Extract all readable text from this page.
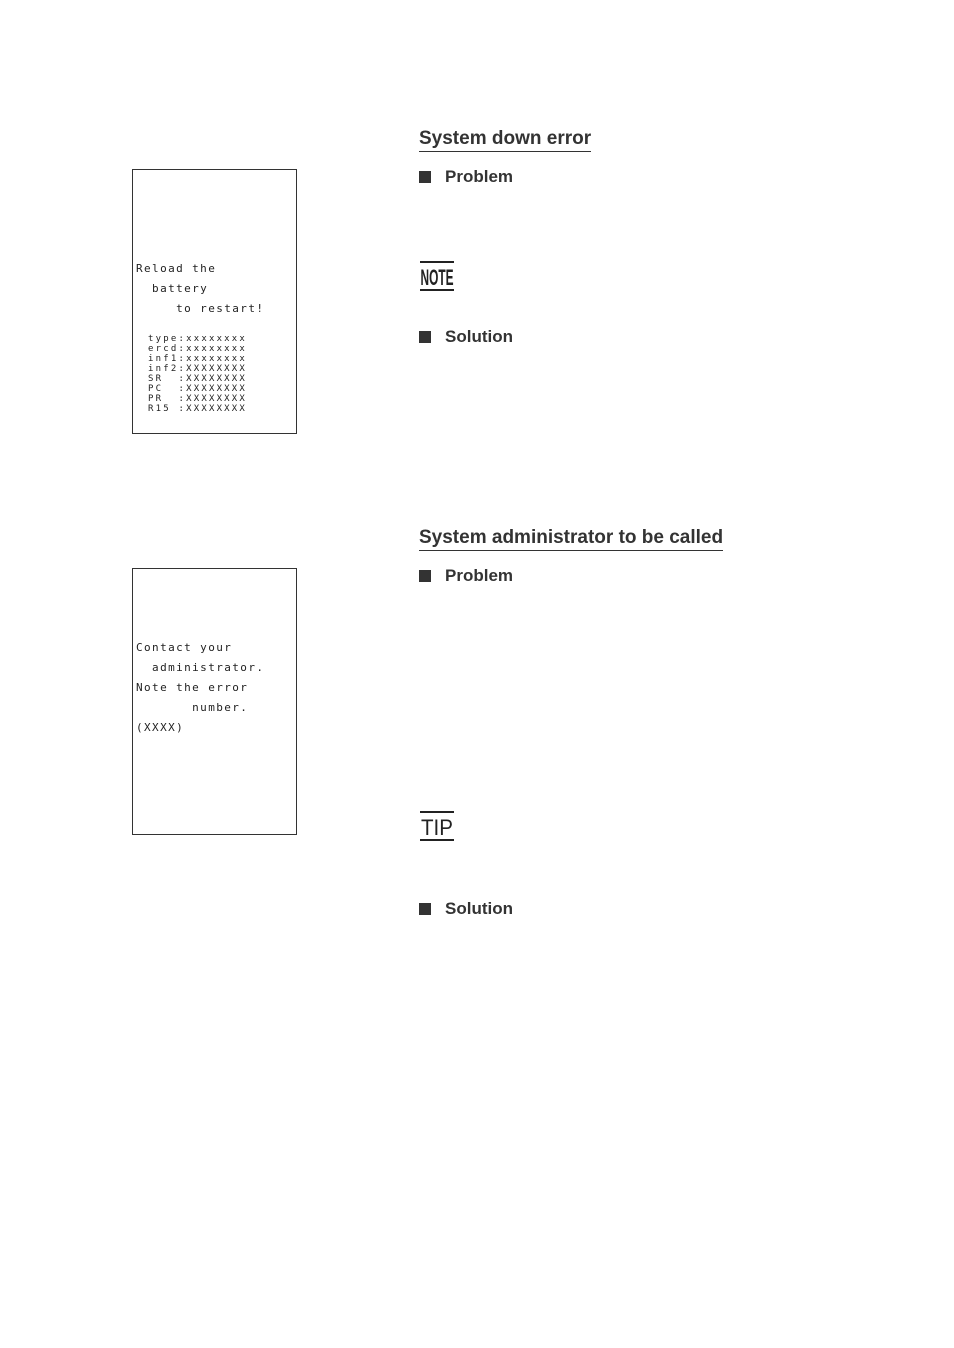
Reload the
battery
to restart!
type:xxxxxxxx
ercd:xxxxxxxx
inf1:xxxxxxxx
inf2:XXXXXXXX
SR  :XXXXXXXX
PC  :XXXXXXXX
PR  :XXXXXXXX
R15 :XXXXXXXX
System down error
Problem
NOTE
Solution
Contact your
administrator.
Note the error
number.
(XXXX)
System administrator to be called
Problem
TIP
Solution
